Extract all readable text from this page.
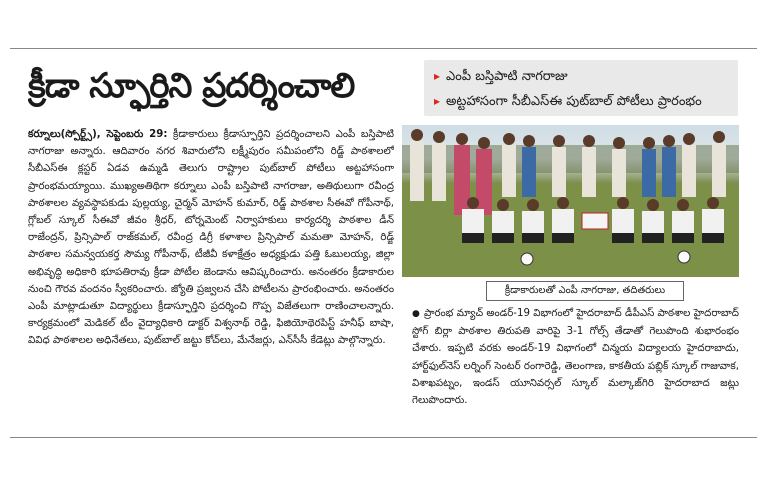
క్రీడా స్ఫూర్తిని ప్రదర్శించాలి	▸ ఎంపీ బస్తిపాటి నాగరాజు
▸ అట్టహాసంగా సీబీఎస్ఈ పుట్‌బాల్ పోటీలు ప్రారంభం

కర్నూలు(స్పోర్ట్స్), సెప్టెంబరు 29: క్రీడాకారులు క్రీడాస్ఫూర్తిని ప్రదర్శించాలని ఎంపీ బస్తిపాటి నాగరాజు అన్నారు. ఆదివారం నగర శివారులోని లక్ష్మీపురం సమీపంలోని రిడ్జ్ పాఠశాలలో సీబీఎస్ఈ క్లస్టర్ ఏడవ ఉమ్మడి తెలుగు రాష్ట్రాల పుట్‌బాల్ పోటీలు అట్టహాసంగా ప్రారంభమయ్యాయి. ముఖ్యఅతిథిగా కర్నూలు ఎంపీ బస్తిపాటి నాగరాజు, అతిథులుగా రవీంద్ర పాఠశాలల వ్యవస్థాపకుడు పుల్లయ్య, చైర్మన్ మోహన్ కుమార్, రిడ్జ్ పాఠశాల సీఈవో గోపీనాథ్, గ్లోబల్ స్కూల్ సీఈవో జీవం శ్రీధర్, టోర్నమెంట్ నిర్వాహకులు కార్యదర్శి పాఠశాల డీన్ రాజేంద్రన్, ప్రిన్సిపాల్ రాజ్‌కమల్, రవీంద్ర డిగ్రీ కళాశాల ప్రిన్సిపాల్ మమతా మోహన్, రిడ్జ్ పాఠశాల సమన్వయకర్త సౌమ్య గోపీనాథ్, టీజీవీ కళాక్షేత్రం అధ్యక్షుడు పత్తి ఓబులయ్య, జిల్లా అభివృద్ధి అధికారి భూపతిరావు క్రీడా పోటీల జెండాను ఆవిష్కరించారు. అనంతరం క్రీడాకారుల నుంచి గౌరవ వందనం స్వీకరించారు. జ్యోతి ప్రజ్వలన చేసి పోటీలను ప్రారంభించారు. అనంతరం ఎంపీ మాట్లాడుతూ విద్యార్థులు క్రీడాస్ఫూర్తిని ప్రదర్శించి గొప్ప విజేతలుగా రాణించాలన్నారు. కార్యక్రమంలో మెడికల్ టీం వైద్యాధికారి డాక్టర్ విశ్వనాథ్ రెడ్డి, ఫిజియోథెరపిస్ట్ హనీఫ్ బాషా, వివిధ పాఠశాలల అధినేతలు, పుట్‌బాల్ జట్టు కోచ్‌లు, మేనేజర్లు, ఎన్‌సీసీ కేడెట్లు పాల్గొన్నారు.

క్రీడాకారులతో ఎంపీ నాగరాజు, తదితరులు

● ప్రారంభ మ్యాచ్ అండర్-19 విభాగంలో హైదరాబాద్ డీపీఎస్ పాఠశాల హైదరాబాద్ స్టోగ్ బిర్లా పాఠశాల తిరుపతి వారిపై 3-1 గోల్స్ తేడాతో గెలుపొంది శుభారంభం చేశారు. ఇప్పటి వరకు అండర్-19 విభాగంలో చిన్మయ విద్యాలయ హైదరాబాదు, హార్ట్‌ఫుల్‌నెస్ లర్నింగ్ సెంటర్ రంగారెడ్డి, తెలంగాణ, కాకతీయ పబ్లిక్ స్కూల్ గాజువాక, విశాఖపట్నం, ఇండస్ యూనివర్సల్ స్కూల్ మల్కాజ్‌గిరి హైదరాబాద జట్లు గెలుపొందారు.
